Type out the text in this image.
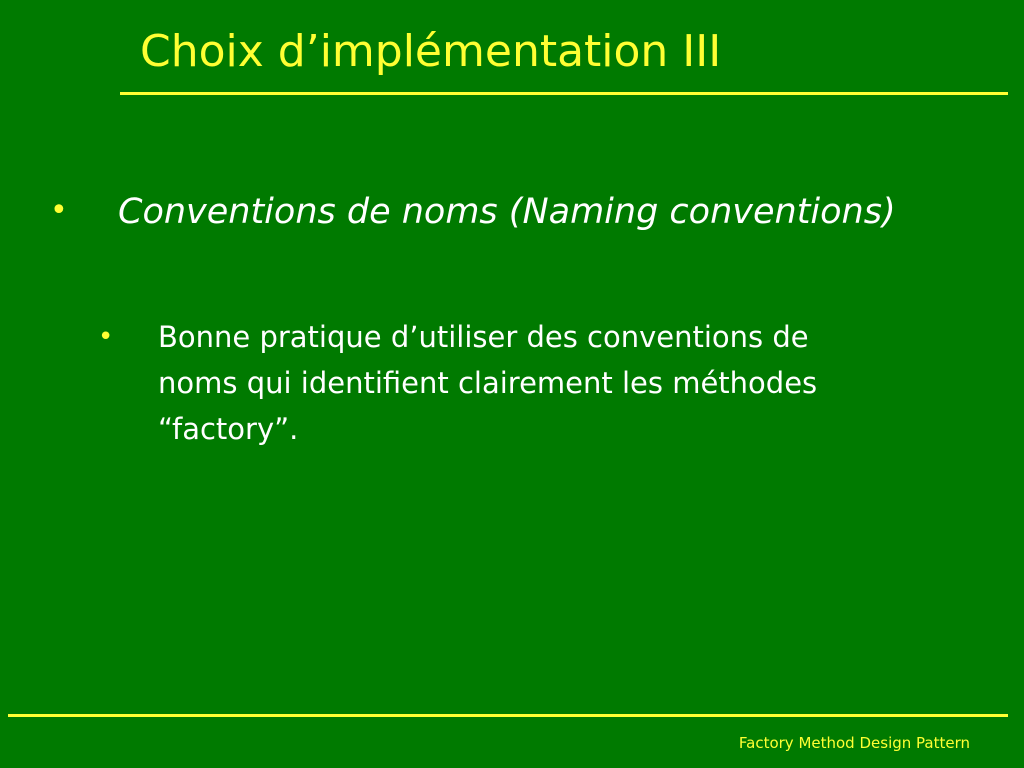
Choix d’implémentation III
• Conventions de noms (Naming conventions)
• Bonne pratique d’utiliser des conventions de
noms qui identifient clairement les méthodes
“factory”.
Factory Method Design Pattern
